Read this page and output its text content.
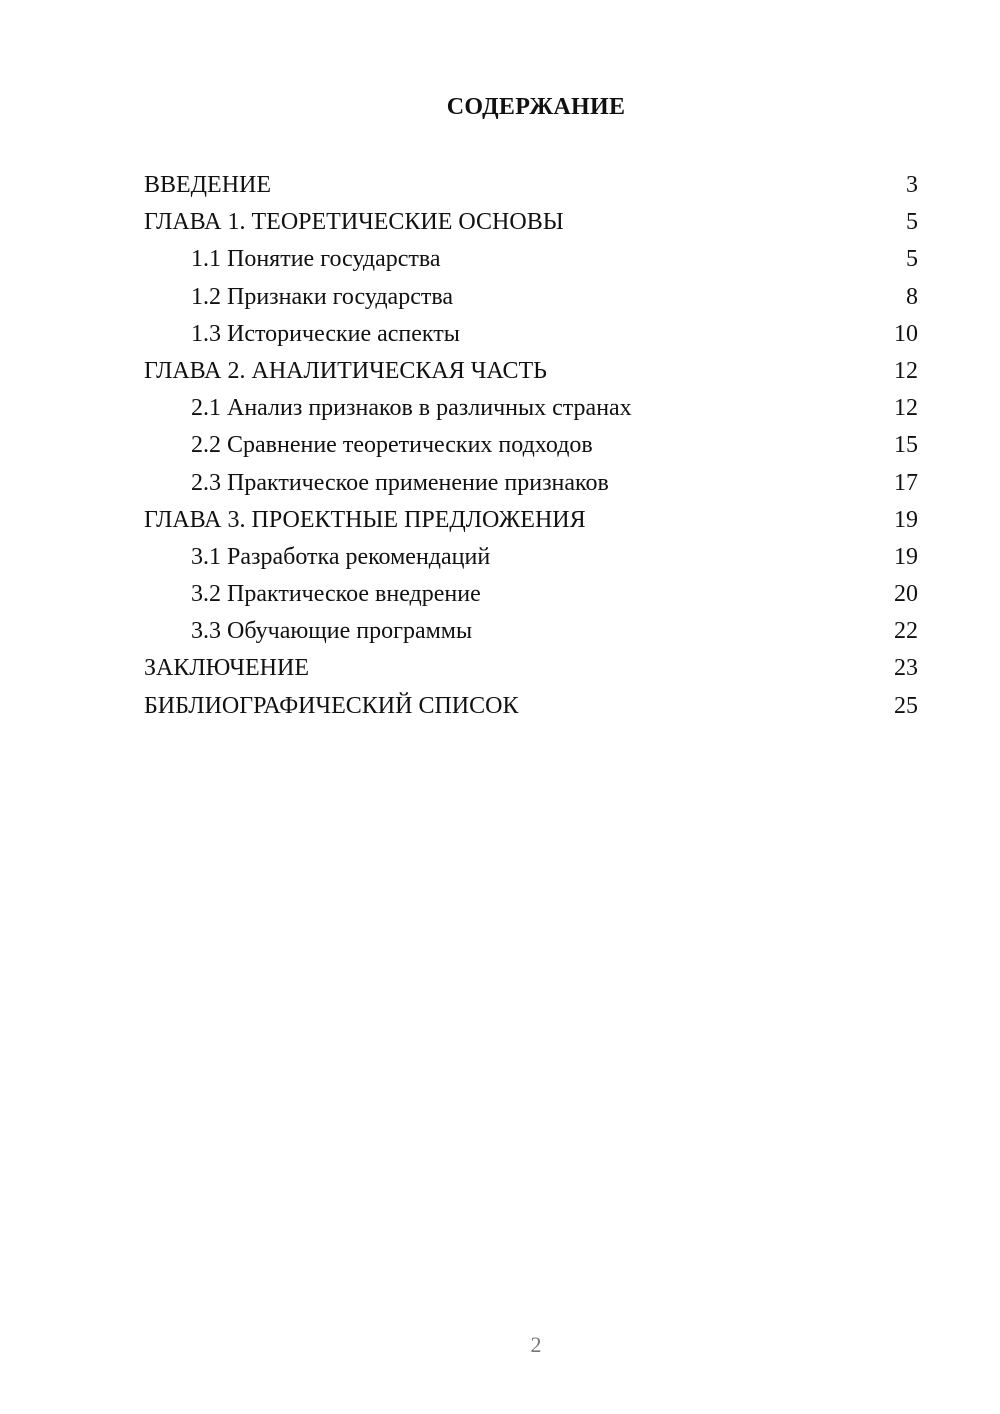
СОДЕРЖАНИЕ
ВВЕДЕНИЕ	3
ГЛАВА 1. ТЕОРЕТИЧЕСКИЕ ОСНОВЫ	5
1.1 Понятие государства	5
1.2 Признаки государства	8
1.3 Исторические аспекты	10
ГЛАВА 2. АНАЛИТИЧЕСКАЯ ЧАСТЬ	12
2.1 Анализ признаков в различных странах	12
2.2 Сравнение теоретических подходов	15
2.3 Практическое применение признаков	17
ГЛАВА 3. ПРОЕКТНЫЕ ПРЕДЛОЖЕНИЯ	19
3.1 Разработка рекомендаций	19
3.2 Практическое внедрение	20
3.3 Обучающие программы	22
ЗАКЛЮЧЕНИЕ	23
БИБЛИОГРАФИЧЕСКИЙ СПИСОК	25
2
